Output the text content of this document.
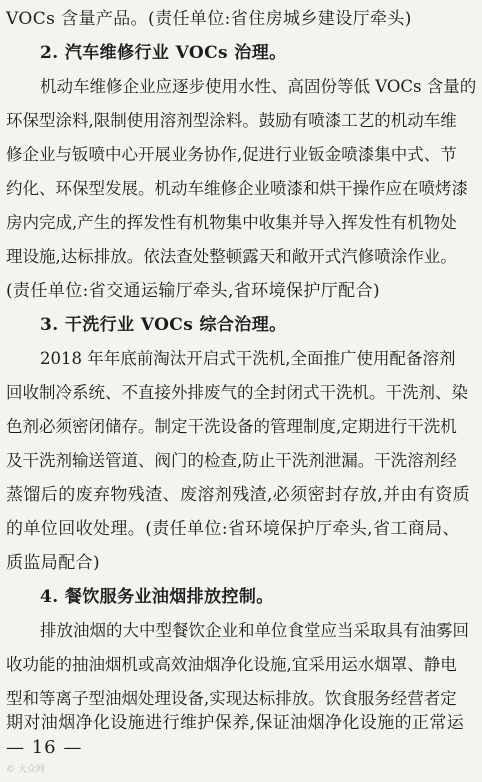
VOCs 含量产品。(责任单位:省住房城乡建设厅牵头)
2. 汽车维修行业 VOCs 治理。
机动车维修企业应逐步使用水性、高固份等低 VOCs 含量的
环保型涂料,限制使用溶剂型涂料。鼓励有喷漆工艺的机动车维
修企业与钣喷中心开展业务协作,促进行业钣金喷漆集中式、节
约化、环保型发展。机动车维修企业喷漆和烘干操作应在喷烤漆
房内完成,产生的挥发性有机物集中收集并导入挥发性有机物处
理设施,达标排放。依法查处整顿露天和敞开式汽修喷涂作业。
(责任单位:省交通运输厅牵头,省环境保护厅配合)
3. 干洗行业 VOCs 综合治理。
2018 年年底前淘汰开启式干洗机,全面推广使用配备溶剂
回收制冷系统、不直接外排废气的全封闭式干洗机。干洗剂、染
色剂必须密闭储存。制定干洗设备的管理制度,定期进行干洗机
及干洗剂输送管道、阀门的检查,防止干洗剂泄漏。干洗溶剂经
蒸馏后的废弃物残渣、废溶剂残渣,必须密封存放,并由有资质
的单位回收处理。(责任单位:省环境保护厅牵头,省工商局、
质监局配合)
4. 餐饮服务业油烟排放控制。
排放油烟的大中型餐饮企业和单位食堂应当采取具有油雾回
收功能的抽油烟机或高效油烟净化设施,宜采用运水烟罩、静电
型和等离子型油烟处理设备,实现达标排放。饮食服务经营者定
期对油烟净化设施进行维护保养,保证油烟净化设施的正常运
— 16 —
© 大众网
